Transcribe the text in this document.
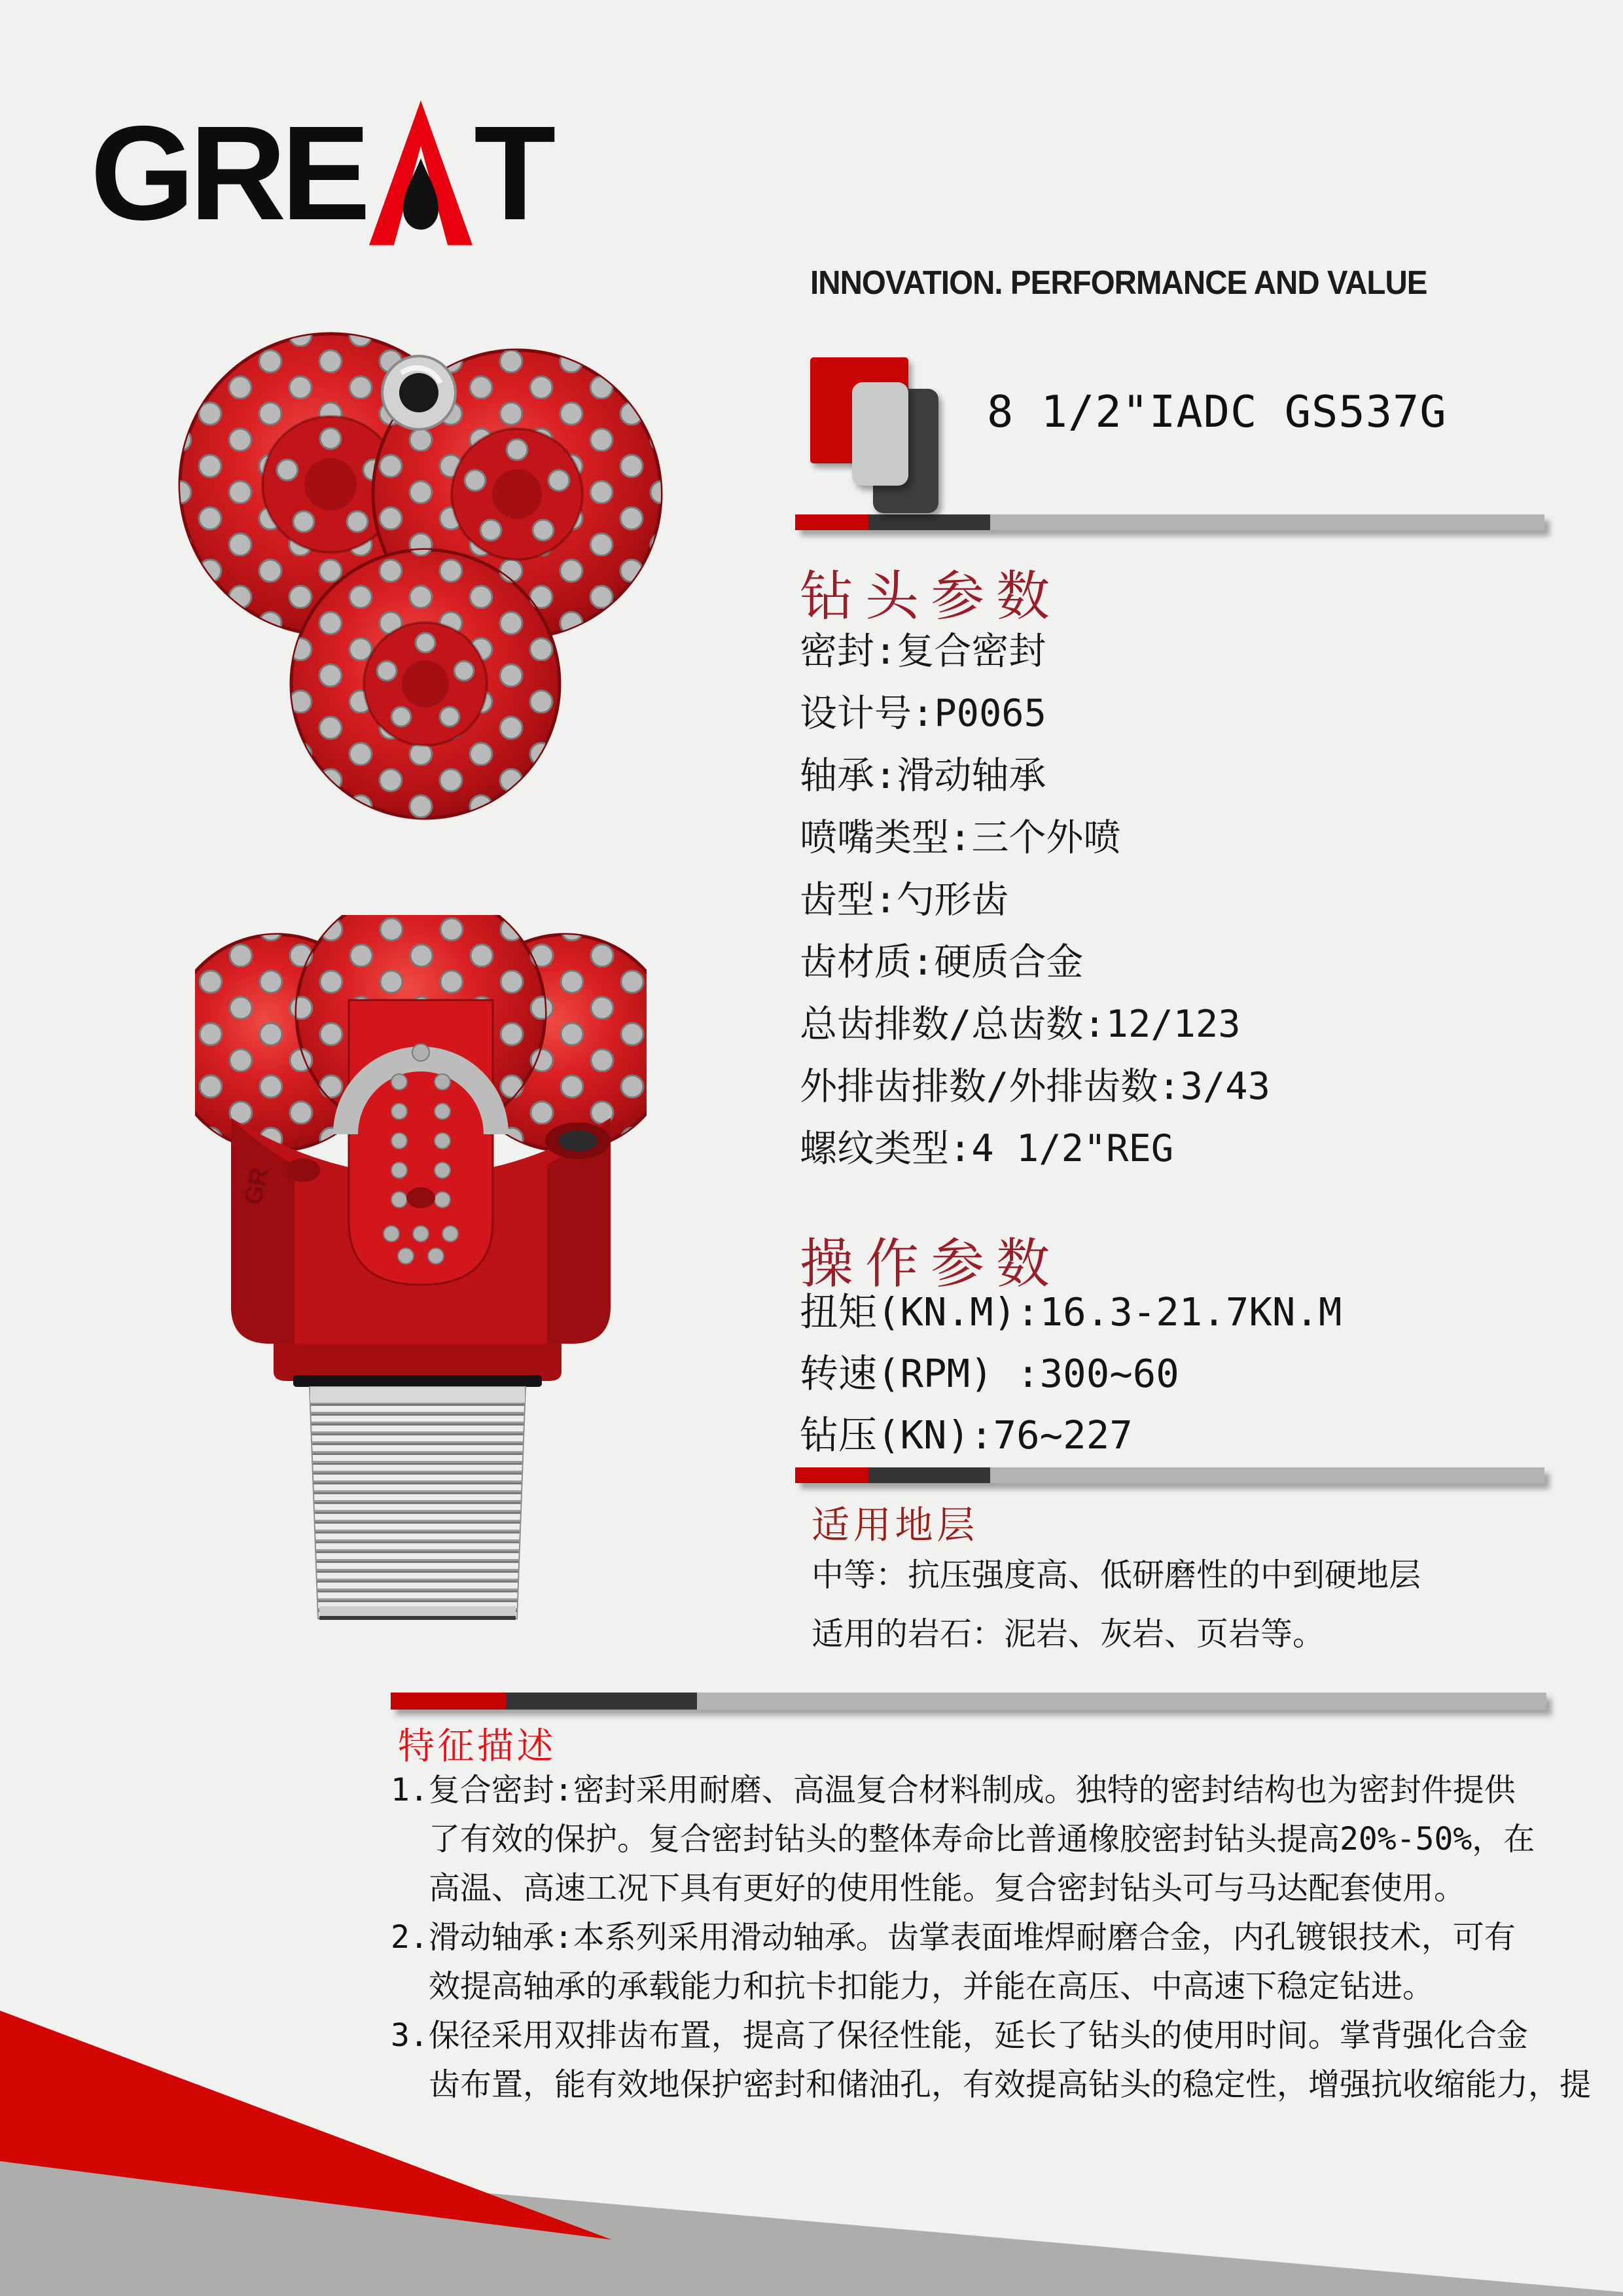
GRE T
INNOVATION. PERFORMANCE AND VALUE
8 1/2"IADC GS537G
钻头参数
密封:复合密封
设计号:P0065
轴承:滑动轴承
喷嘴类型:三个外喷
齿型:勺形齿
齿材质:硬质合金
总齿排数/总齿数:12/123
外排齿排数/外排齿数:3/43
螺纹类型:4 1/2"REG
操作参数
扭矩(KN.M):16.3-21.7KN.M
转速(RPM) :300~60
钻压(KN):76~227
适用地层
中等：抗压强度高、低研磨性的中到硬地层
适用的岩石：泥岩、灰岩、页岩等。
特征描述
1.复合密封:密封采用耐磨、高温复合材料制成。独特的密封结构也为密封件提供
了有效的保护。复合密封钻头的整体寿命比普通橡胶密封钻头提高20%-50%，在
高温、高速工况下具有更好的使用性能。复合密封钻头可与马达配套使用。
2.滑动轴承:本系列采用滑动轴承。齿掌表面堆焊耐磨合金，内孔镀银技术，可有
效提高轴承的承载能力和抗卡扣能力，并能在高压、中高速下稳定钻进。
3.保径采用双排齿布置，提高了保径性能，延长了钻头的使用时间。掌背强化合金
齿布置，能有效地保护密封和储油孔，有效提高钻头的稳定性，增强抗收缩能力，提
GR
